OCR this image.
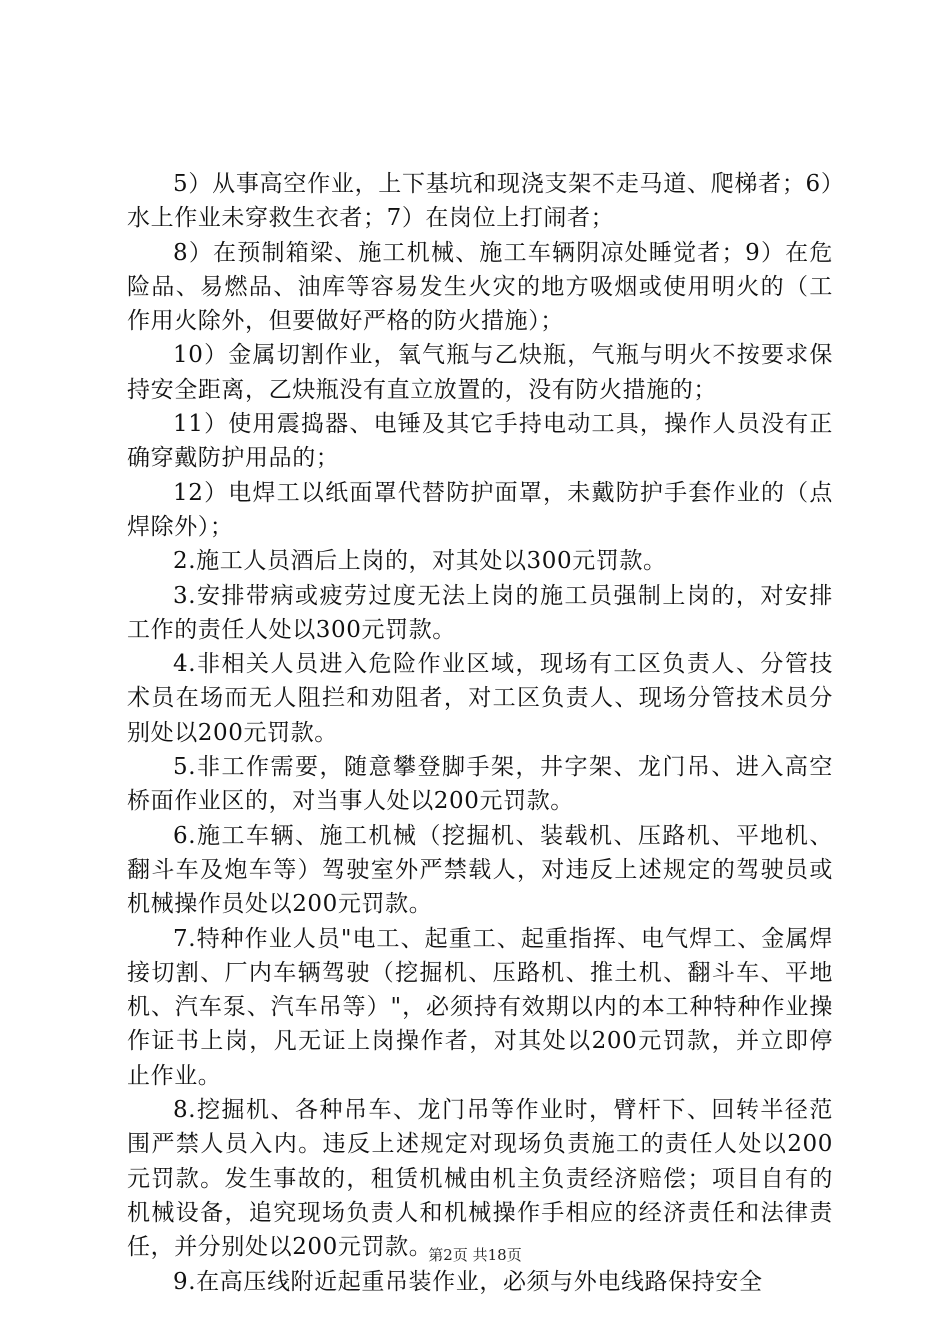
5）从事高空作业，上下基坑和现浇支架不走马道、爬梯者；6）水上作业未穿救生衣者；7）在岗位上打闹者；

8）在预制箱梁、施工机械、施工车辆阴凉处睡觉者；9）在危险品、易燃品、油库等容易发生火灾的地方吸烟或使用明火的（工作用火除外，但要做好严格的防火措施）；

10）金属切割作业，氧气瓶与乙炔瓶，气瓶与明火不按要求保持安全距离，乙炔瓶没有直立放置的，没有防火措施的；

11）使用震捣器、电锤及其它手持电动工具，操作人员没有正确穿戴防护用品的；

12）电焊工以纸面罩代替防护面罩，未戴防护手套作业的（点焊除外）；

2.施工人员酒后上岗的，对其处以300元罚款。

3.安排带病或疲劳过度无法上岗的施工员强制上岗的，对安排工作的责任人处以300元罚款。

4.非相关人员进入危险作业区域，现场有工区负责人、分管技术员在场而无人阻拦和劝阻者，对工区负责人、现场分管技术员分别处以200元罚款。

5.非工作需要，随意攀登脚手架，井字架、龙门吊、进入高空桥面作业区的，对当事人处以200元罚款。

6.施工车辆、施工机械（挖掘机、装载机、压路机、平地机、翻斗车及炮车等）驾驶室外严禁载人，对违反上述规定的驾驶员或机械操作员处以200元罚款。

7.特种作业人员"电工、起重工、起重指挥、电气焊工、金属焊接切割、厂内车辆驾驶（挖掘机、压路机、推土机、翻斗车、平地机、汽车泵、汽车吊等）"，必须持有效期以内的本工种特种作业操作证书上岗，凡无证上岗操作者，对其处以200元罚款，并立即停止作业。

8.挖掘机、各种吊车、龙门吊等作业时，臂杆下、回转半径范围严禁人员入内。违反上述规定对现场负责施工的责任人处以200元罚款。发生事故的，租赁机械由机主负责经济赔偿；项目自有的机械设备，追究现场负责人和机械操作手相应的经济责任和法律责任，并分别处以200元罚款。

9.在高压线附近起重吊装作业，必须与外电线路保持安全

第2页 共18页
